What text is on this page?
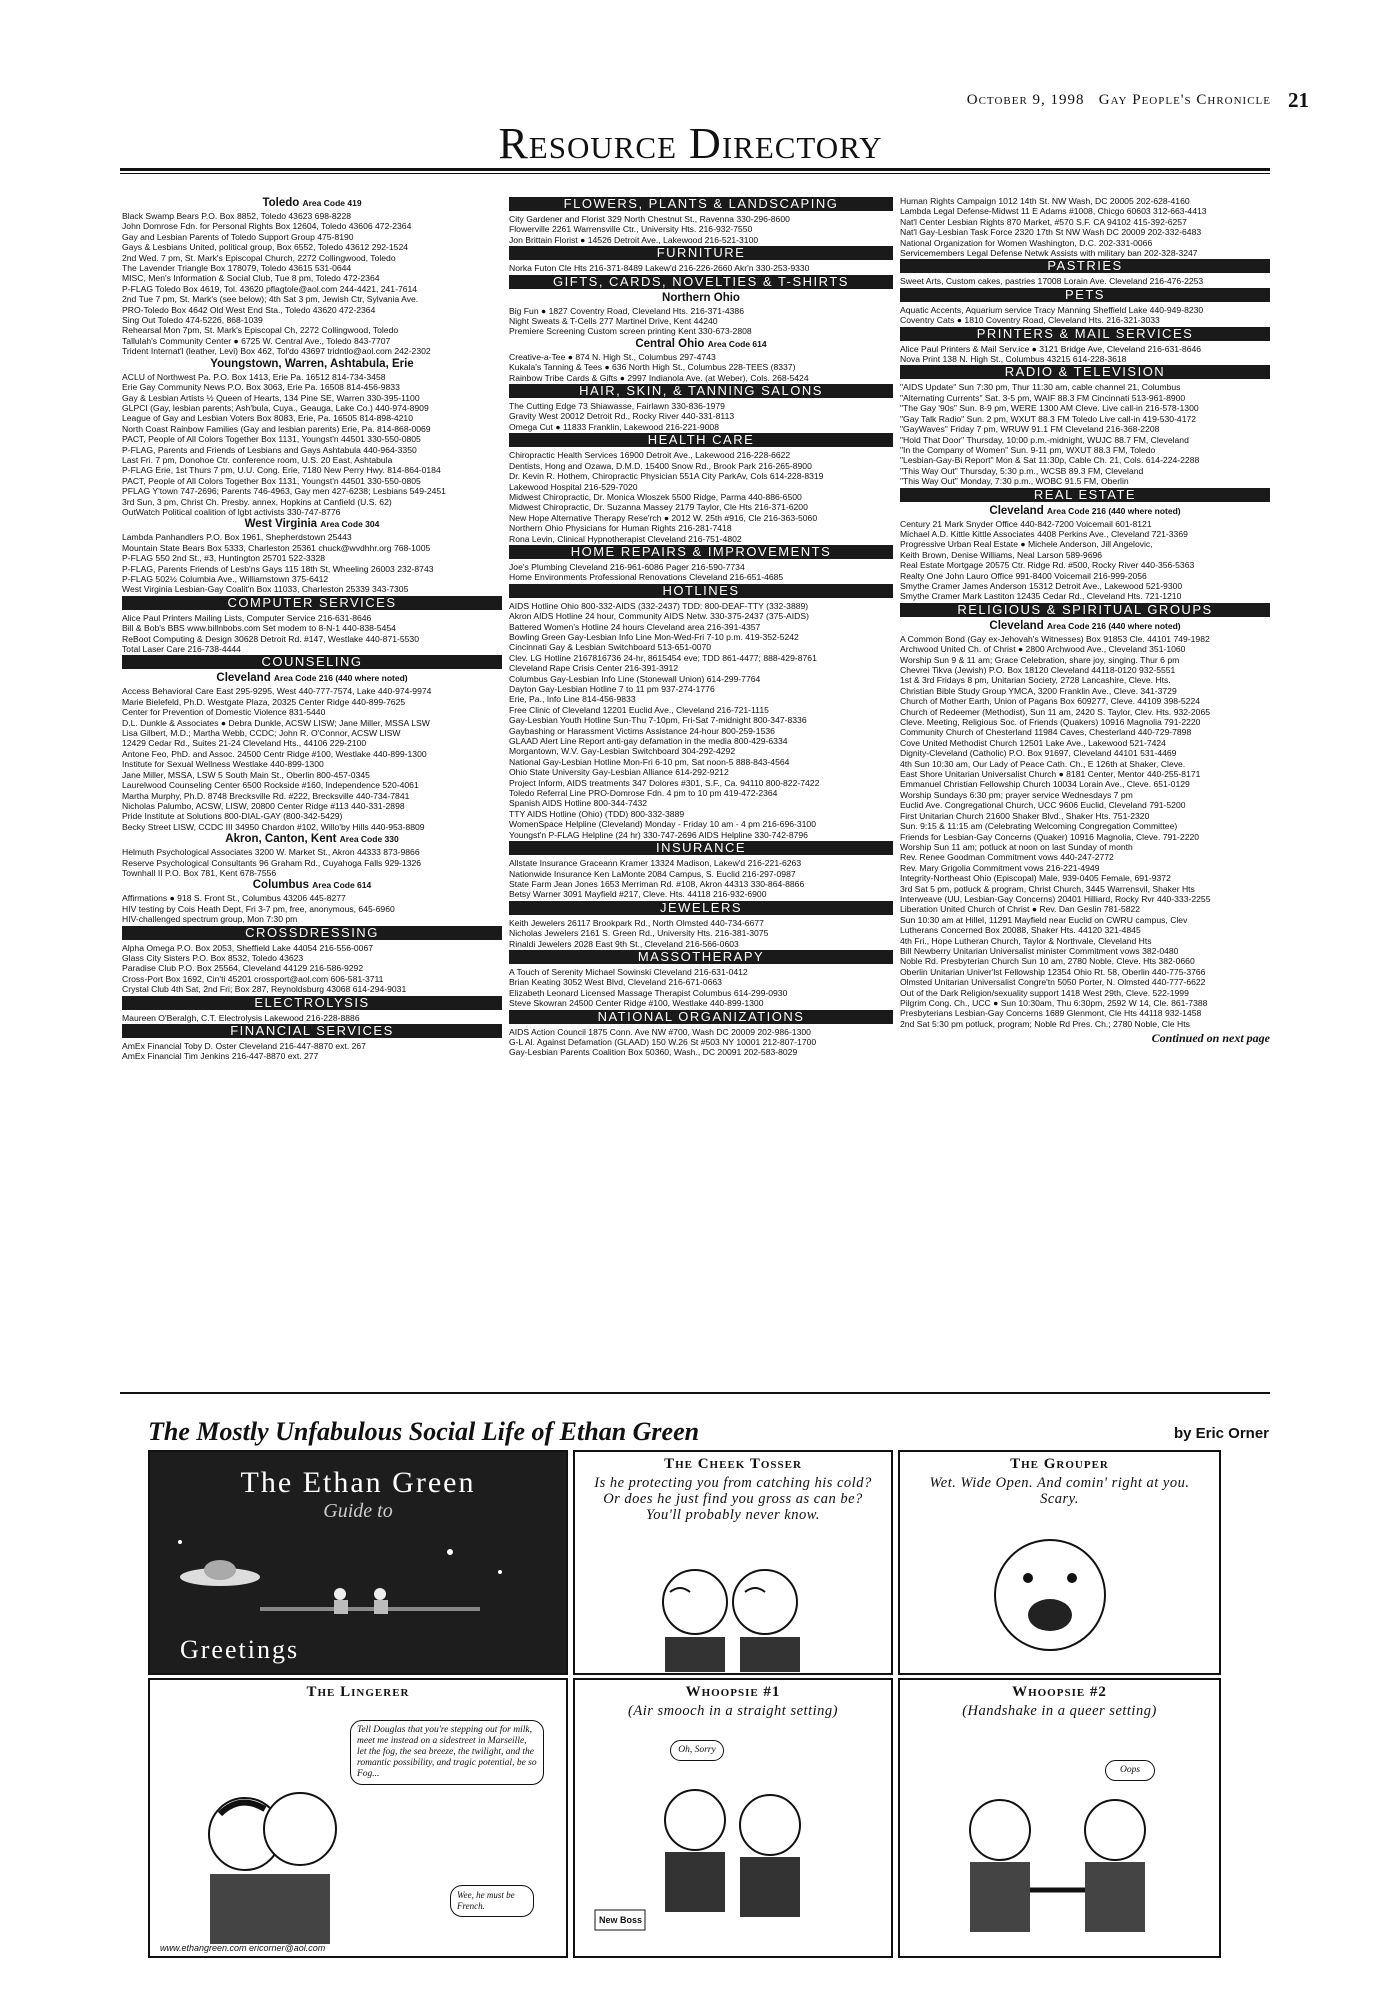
October 9, 1998 Gay People's Chronicle 21
Resource Directory
Toledo Area Code 419
Black Swamp Bears P.O. Box 8852, Toledo 43623 698-8228
John Domrose Fdn. for Personal Rights Box 12604, Toledo 43606 472-2364
Gay and Lesbian Parents of Toledo Support Group 475-8190
Gays & Lesbians United, political group, Box 6552, Toledo 43612 292-1524
2nd Wed. 7 pm, St. Mark's Episcopal Church, 2272 Collingwood, Toledo
The Lavender Triangle Box 178079, Toledo 43615 531-0644
MISC, Men's Information & Social Club, Tue 8 pm, Toledo 472-2364
P-FLAG Toledo Box 4619, Tol. 43620 pflagtole@aol.com 244-4421, 241-7614
2nd Tue 7 pm, St. Mark's (see below); 4th Sat 3 pm, Jewish Ctr, Sylvania Ave.
PRO-Toledo Box 4642 Old West End Sta., Toledo 43620 472-2364
Sing Out Toledo 474-5226, 868-1039
Rehearsal Mon 7pm, St. Mark's Episcopal Ch, 2272 Collingwood, Toledo
Tallulah's Community Center ● 6725 W. Central Ave., Toledo 843-7707
Trident Internat'l (leather, Levi) Box 462, Tol'do 43697 tridntlo@aol.com 242-2302
Youngstown, Warren, Ashtabula, Erie
ACLU of Northwest Pa. P.O. Box 1413, Erie Pa. 16512 814-734-3458
Erie Gay Community News P.O. Box 3063, Erie Pa. 16508 814-456-9833
Gay & Lesbian Artists ½ Queen of Hearts, 134 Pine SE, Warren 330-395-1100
GLPCI (Gay, lesbian parents; Ash'bula, Cuya., Geauga, Lake Co.) 440-974-8909
League of Gay and Lesbian Voters Box 8083, Erie, Pa. 16505 814-898-4210
North Coast Rainbow Families (Gay and lesbian parents) Erie, Pa. 814-868-0069
PACT, People of All Colors Together Box 1131, Youngst'n 44501 330-550-0805
P-FLAG, Parents and Friends of Lesbians and Gays Ashtabula 440-964-3350
Last Fri. 7 pm, Donohoe Ctr. conference room, U.S. 20 East, Ashtabula
P-FLAG Erie, 1st Thurs 7 pm, U.U. Cong. Erie, 7180 New Perry Hwy. 814-864-0184
PACT, People of All Colors Together Box 1131, Youngst'n 44501 330-550-0805
PFLAG Y'town 747-2696; Parents 746-4963, Gay men 427-6238; Lesbians 549-2451
3rd Sun, 3 pm, Christ Ch. Presby. annex, Hopkins at Canfield (U.S. 62)
OutWatch Political coalition of lgbt activists 330-747-8776
West Virginia Area Code 304
Lambda Panhandlers P.O. Box 1961, Shepherdstown 25443
Mountain State Bears Box 5333, Charleston 25361 chuck@wvdhhr.org 768-1005
P-FLAG 550 2nd St., #3, Huntington 25701 522-3328
P-FLAG, Parents Friends of Lesb'ns Gays 115 18th St, Wheeling 26003 232-8743
P-FLAG 502½ Columbia Ave., Williamstown 375-6412
West Virginia Lesbian-Gay Coalit'n Box 11033, Charleston 25339 343-7305
COMPUTER SERVICES
Alice Paul Printers Mailing Lists, Computer Service 216-631-8646
Bill & Bob's BBS www.billnbobs.com Set modem to 8-N-1 440-838-5454
ReBoot Computing & Design 30628 Detroit Rd. #147, Westlake 440-871-5530
Total Laser Care 216-738-4444
COUNSELING
Cleveland Area Code 216 (440 where noted)
Access Behavioral Care East 295-9295, West 440-777-7574, Lake 440-974-9974
Marie Bielefeld, Ph.D. Westgate Plaza, 20325 Center Ridge 440-899-7625
Center for Prevention of Domestic Violence 831-5440
D.L. Dunkle & Associates ● Debra Dunkle, ACSW LISW; Jane Miller, MSSA LSW
Lisa Gilbert, M.D.; Martha Webb, CCDC; John R. O'Connor, ACSW LISW
12429 Cedar Rd., Suites 21-24 Cleveland Hts., 44106 229-2100
Antone Feo, PhD. and Assoc. 24500 Centr Ridge #100, Westlake 440-899-1300
Institute for Sexual Wellness Westlake 440-899-1300
Jane Miller, MSSA, LSW 5 South Main St., Oberlin 800-457-0345
Laurelwood Counseling Center 6500 Rockside #160, Independence 520-4061
Martha Murphy, Ph.D. 8748 Brecksville Rd. #222, Brecksville 440-734-7841
Nicholas Palumbo, ACSW, LISW, 20800 Center Ridge #113 440-331-2898
Pride Institute at Solutions 800-DIAL-GAY (800-342-5429)
Becky Street LISW, CCDC III 34950 Chardon #102, Willo'by Hills 440-953-8809
Akron, Canton, Kent Area Code 330
Helmuth Psychological Associates 3200 W. Market St., Akron 44333 873-9866
Reserve Psychological Consultants 96 Graham Rd., Cuyahoga Falls 929-1326
Townhall II P.O. Box 781, Kent 678-7556
Columbus Area Code 614
Affirmations ● 918 S. Front St., Columbus 43206 445-8277
HIV testing by Cois Heath Dept, Fri 3-7 pm, free, anonymous, 645-6960
HIV-challenged spectrum group, Mon 7:30 pm
CROSSDRESSING
Alpha Omega P.O. Box 2053, Sheffield Lake 44054 216-556-0067
Glass City Sisters P.O. Box 8532, Toledo 43623
Paradise Club P.O. Box 25564, Cleveland 44129 216-586-9292
Cross-Port Box 1692, Cin'ti 45201 crossport@aol.com 606-581-3711
Crystal Club 4th Sat, 2nd Fri; Box 287, Reynoldsburg 43068 614-294-9031
ELECTROLYSIS
Maureen O'Beralgh, C.T. Electrolysis Lakewood 216-228-8886
FINANCIAL SERVICES
AmEx Financial Toby D. Oster Cleveland 216-447-8870 ext. 267
AmEx Financial Tim Jenkins 216-447-8870 ext. 277
FLOWERS, PLANTS & LANDSCAPING
City Gardener and Florist 329 North Chestnut St., Ravenna 330-296-8600
Flowerville 2261 Warrensville Ctr., University Hts. 216-932-7550
Jon Brittain Florist ● 14526 Detroit Ave., Lakewood 216-521-3100
FURNITURE
Norka Futon Cle Hts 216-371-8489 Lakew'd 216-226-2660 Akr'n 330-253-9330
GIFTS, CARDS, NOVELTIES & T-SHIRTS
Northern Ohio
Big Fun ● 1827 Coventry Road, Cleveland Hts. 216-371-4386
Night Sweats & T-Cells 277 Martinel Drive, Kent 44240
Premiere Screening Custom screen printing Kent 330-673-2808
Central Ohio Area Code 614
Creative-a-Tee ● 874 N. High St., Columbus 297-4743
Kukala's Tanning & Tees ● 636 North High St., Columbus 228-TEES (8337)
Rainbow Tribe Cards & Gifts ● 2997 Indianola Ave. (at Weber), Cols. 268-5424
HAIR, SKIN, & TANNING SALONS
The Cutting Edge 73 Shiawasse, Fairlawn 330-836-1979
Gravity West 20012 Detroit Rd., Rocky River 440-331-8113
Omega Cut ● 11833 Franklin, Lakewood 216-221-9008
HEALTH CARE
Chiropractic Health Services 16900 Detroit Ave., Lakewood 216-228-6622
Dentists, Hong and Ozawa, D.M.D. 15400 Snow Rd., Brook Park 216-265-8900
Dr. Kevin R. Hothem, Chiropractic Physician 551A City ParkAv, Cols 614-228-8319
Lakewood Hospital 216-529-7020
Midwest Chiropractic, Dr. Monica Wloszek 5500 Ridge, Parma 440-886-6500
Midwest Chiropractic, Dr. Suzanna Massey 2179 Taylor, Cle Hts 216-371-6200
New Hope Alternative Therapy Rese'rch ● 2012 W. 25th #916, Cle 216-363-5060
Northern Ohio Physicians for Human Rights 216-281-7418
Rona Levin, Clinical Hypnotherapist Cleveland 216-751-4802
HOME REPAIRS & IMPROVEMENTS
Joe's Plumbing Cleveland 216-961-6086 Pager 216-590-7734
Home Environments Professional Renovations Cleveland 216-651-4685
HOTLINES
AIDS Hotline Ohio 800-332-AIDS (332-2437) TDD: 800-DEAF-TTY (332-3889)
Akron AIDS Hotline 24 hour, Community AIDS Netw. 330-375-2437 (375-AIDS)
Battered Women's Hotline 24 hours Cleveland area 216-391-4357
Bowling Green Gay-Lesbian Info Line Mon-Wed-Fri 7-10 p.m. 419-352-5242
Cincinnati Gay & Lesbian Switchboard 513-651-0070
Clev. LG Hotline 2167816736 24-hr, 8615454 eve; TDD 861-4477; 888-429-8761
Cleveland Rape Crisis Center 216-391-3912
Columbus Gay-Lesbian Info Line (Stonewall Union) 614-299-7764
Dayton Gay-Lesbian Hotline 7 to 11 pm 937-274-1776
Erie, Pa., Info Line 814-456-9833
Free Clinic of Cleveland 12201 Euclid Ave., Cleveland 216-721-1115
Gay-Lesbian Youth Hotline Sun-Thu 7-10pm, Fri-Sat 7-midnight 800-347-8336
Gaybashing or Harassment Victims Assistance 24-hour 800-259-1536
GLAAD Alert Line Report anti-gay defamation in the media 800-429-6334
Morgantown, W.V. Gay-Lesbian Switchboard 304-292-4292
National Gay-Lesbian Hotline Mon-Fri 6-10 pm, Sat noon-5 888-843-4564
Ohio State University Gay-Lesbian Alliance 614-292-9212
Project Inform, AIDS treatments 347 Dolores #301, S.F., Ca. 94110 800-822-7422
Toledo Referral Line PRO-Domrose Fdn. 4 pm to 10 pm 419-472-2364
Spanish AIDS Hotline 800-344-7432
TTY AIDS Hotline (Ohio) (TDD) 800-332-3889
WomenSpace Helpline (Cleveland) Monday - Friday 10 am - 4 pm 216-696-3100
Youngst'n P-FLAG Helpline (24 hr) 330-747-2696 AIDS Helpline 330-742-8796
INSURANCE
Allstate Insurance Graceann Kramer 13324 Madison, Lakew'd 216-221-6263
Nationwide Insurance Ken LaMonte 2084 Campus, S. Euclid 216-297-0987
State Farm Jean Jones 1653 Merriman Rd. #108, Akron 44313 330-864-8866
Betsy Warner 3091 Mayfield #217, Cleve. Hts. 44118 216-932-6900
JEWELERS
Keith Jewelers 26117 Brookpark Rd., North Olmsted 440-734-6677
Nicholas Jewelers 2161 S. Green Rd., University Hts. 216-381-3075
Rinaldi Jewelers 2028 East 9th St., Cleveland 216-566-0603
MASSOTHERAPY
A Touch of Serenity Michael Sowinski Cleveland 216-631-0412
Brian Keating 3052 West Blvd, Cleveland 216-671-0663
Elizabeth Leonard Licensed Massage Therapist Columbus 614-299-0930
Steve Skowran 24500 Center Ridge #100, Westlake 440-899-1300
NATIONAL ORGANIZATIONS
AIDS Action Council 1875 Conn. Ave NW #700, Wash DC 20009 202-986-1300
G-L Al. Against Defamation (GLAAD) 150 W.26 St #503 NY 10001 212-807-1700
Gay-Lesbian Parents Coalition Box 50360, Wash., DC 20091 202-583-8029
Human Rights Campaign 1012 14th St. NW Wash, DC 20005 202-628-4160
Lambda Legal Defense-Midwst 11 E Adams #1008, Chicgo 60603 312-663-4413
Nat'l Center Lesbian Rights 870 Market, #570 S.F. CA 94102 415-392-6257
Nat'l Gay-Lesbian Task Force 2320 17th St NW Wash DC 20009 202-332-6483
National Organization for Women Washington, D.C. 202-331-0066
Servicemembers Legal Defense Netwk Assists with military ban 202-328-3247
PASTRIES
Sweet Arts, Custom cakes, pastries 17008 Lorain Ave. Cleveland 216-476-2253
PETS
Aquatic Accents, Aquarium service Tracy Manning Sheffield Lake 440-949-8230
Coventry Cats ● 1810 Coventry Road, Cleveland Hts. 216-321-3033
PRINTERS & MAIL SERVICES
Alice Paul Printers & Mail Serv.ice ● 3121 Bridge Ave, Cleveland 216-631-8646
Nova Print 138 N. High St., Columbus 43215 614-228-3618
RADIO & TELEVISION
"AIDS Update" Sun 7:30 pm, Thur 11:30 am, cable channel 21, Columbus
"Alternating Currents" Sat. 3-5 pm, WAIF 88.3 FM Cincinnati 513-961-8900
"The Gay '90s" Sun. 8-9 pm, WERE 1300 AM Cleve. Live call-in 216-578-1300
"Gay Talk Radio" Sun. 2 pm, WXUT 88.3 FM Toledo Live call-in 419-530-4172
"GayWaves" Friday 7 pm, WRUW 91.1 FM Cleveland 216-368-2208
"Hold That Door" Thursday, 10:00 p.m.-midnight, WUJC 88.7 FM, Cleveland
"In the Company of Women" Sun. 9-11 pm, WXUT 88.3 FM, Toledo
"Lesbian-Gay-Bi Report" Mon & Sat 11:30p, Cable Ch. 21, Cols. 614-224-2288
"This Way Out" Thursday, 5:30 p.m., WCSB 89.3 FM, Cleveland
"This Way Out" Monday, 7:30 p.m., WOBC 91.5 FM, Oberlin
REAL ESTATE
Cleveland Area Code 216 (440 where noted)
Century 21 Mark Snyder Office 440-842-7200 Voicemail 601-8121
Michael A.D. Kittle Kittle Associates 4408 Perkins Ave., Cleveland 721-3369
Progressive Urban Real Estate ● Michele Anderson, Jill Angelovic,
Keith Brown, Denise Williams, Neal Larson 589-9696
Real Estate Mortgage 20575 Ctr. Ridge Rd. #500, Rocky River 440-356-5363
Realty One John Lauro Office 991-8400 Voicemail 216-999-2056
Smythe Cramer James Anderson 15312 Detroit Ave., Lakewood 521-9300
Smythe Cramer Mark Lastiton 12435 Cedar Rd., Cleveland Hts. 721-1210
RELIGIOUS & SPIRITUAL GROUPS
Cleveland Area Code 216 (440 where noted)
A Common Bond (Gay ex-Jehovah's Witnesses) Box 91853 Cle. 44101 749-1982
Archwood United Ch. of Christ ● 2800 Archwood Ave., Cleveland 351-1060
Worship Sun 9 & 11 am; Grace Celebration, share joy, singing. Thur 6 pm
Chevrei Tikva (Jewish) P.O. Box 18120 Cleveland 44118-0120 932-5551
1st & 3rd Fridays 8 pm, Unitarian Society, 2728 Lancashire, Cleve. Hts.
Christian Bible Study Group YMCA, 3200 Franklin Ave., Cleve. 341-3729
Church of Mother Earth, Union of Pagans Box 609277, Cleve. 44109 398-5224
Church of Redeemer (Methodist), Sun 11 am, 2420 S. Taylor, Clev. Hts. 932-2065
Cleve. Meeting, Religious Soc. of Friends (Quakers) 10916 Magnolia 791-2220
Community Church of Chesterland 11984 Caves, Chesterland 440-729-7898
Cove United Methodist Church 12501 Lake Ave., Lakewood 521-7424
Dignity-Cleveland (Catholic) P.O. Box 91697, Cleveland 44101 531-4469
4th Sun 10:30 am, Our Lady of Peace Cath. Ch., E 126th at Shaker, Cleve.
East Shore Unitarian Universalist Church ● 8181 Center, Mentor 440-255-8171
Emmanuel Christian Fellowship Church 10034 Lorain Ave., Cleve. 651-0129
Worship Sundays 6:30 pm; prayer service Wednesdays 7 pm
Euclid Ave. Congregational Church, UCC 9606 Euclid, Cleveland 791-5200
First Unitarian Church 21600 Shaker Blvd., Shaker Hts. 751-2320
Sun. 9:15 & 11:15 am (Celebrating Welcoming Congregation Committee)
Friends for Lesbian-Gay Concerns (Quaker) 10916 Magnolia, Cleve. 791-2220
Worship Sun 11 am; potluck at noon on last Sunday of month
Rev. Renee Goodman Commitment vows 440-247-2772
Rev. Mary Grigolia Commitment vows 216-221-4949
Integrity-Northeast Ohio (Episcopal) Male, 939-0405 Female, 691-9372
3rd Sat 5 pm, potluck & program, Christ Church, 3445 Warrensvil, Shaker Hts
Interweave (UU, Lesbian-Gay Concerns) 20401 Hilliard, Rocky Rvr 440-333-2255
Liberation United Church of Christ ● Rev. Dan Geslin 781-5822
Sun 10:30 am at Hillel, 11291 Mayfield near Euclid on CWRU campus, Clev
Lutherans Concerned Box 20088, Shaker Hts. 44120 321-4845
4th Fri., Hope Lutheran Church, Taylor & Northvale, Cleveland Hts
Bill Newberry Unitarian Universalist minister Commitment vows 382-0480
Noble Rd. Presbyterian Church Sun 10 am, 2780 Noble, Cleve. Hts 382-0660
Oberlin Unitarian Univer'lst Fellowship 12354 Ohio Rt. 58, Oberlin 440-775-3766
Olmsted Unitarian Universalist Congre'tn 5050 Porter, N. Olmsted 440-777-6622
Out of the Dark Religion/sexuality support 1418 West 29th, Cleve. 522-1999
Pilgrim Cong. Ch., UCC ● Sun 10:30am, Thu 6:30pm, 2592 W 14, Cle. 861-7388
Presbyterians Lesbian-Gay Concerns 1689 Glenmont, Cle Hts 44118 932-1458
2nd Sat 5:30 pm potluck, program; Noble Rd Pres. Ch.; 2780 Noble, Cle Hts
Continued on next page
The Mostly Unfabulous Social Life of Ethan Green	by Eric Orner
The Ethan Green
Guide to
Greetings
The Cheek Tosser
Is he protecting you from catching his cold? Or does he just find you gross as can be? You'll probably never know.
The Grouper
Wet. Wide Open. And comin' right at you. Scary.
The Lingerer
Tell Douglas that you're stepping out for milk, meet me instead on a sidestreet in Marseille, let the fog, the sea breeze, the twilight, and the romantic possibility, and tragic potential, be so Fog...
Wee, he must be French.
www.ethangreen.com ericorner@aol.com
Whoopsie #1
(Air smooch in a straight setting)
Oh, Sorry
New Boss
Whoopsie #2
(Handshake in a queer setting)
Oops
